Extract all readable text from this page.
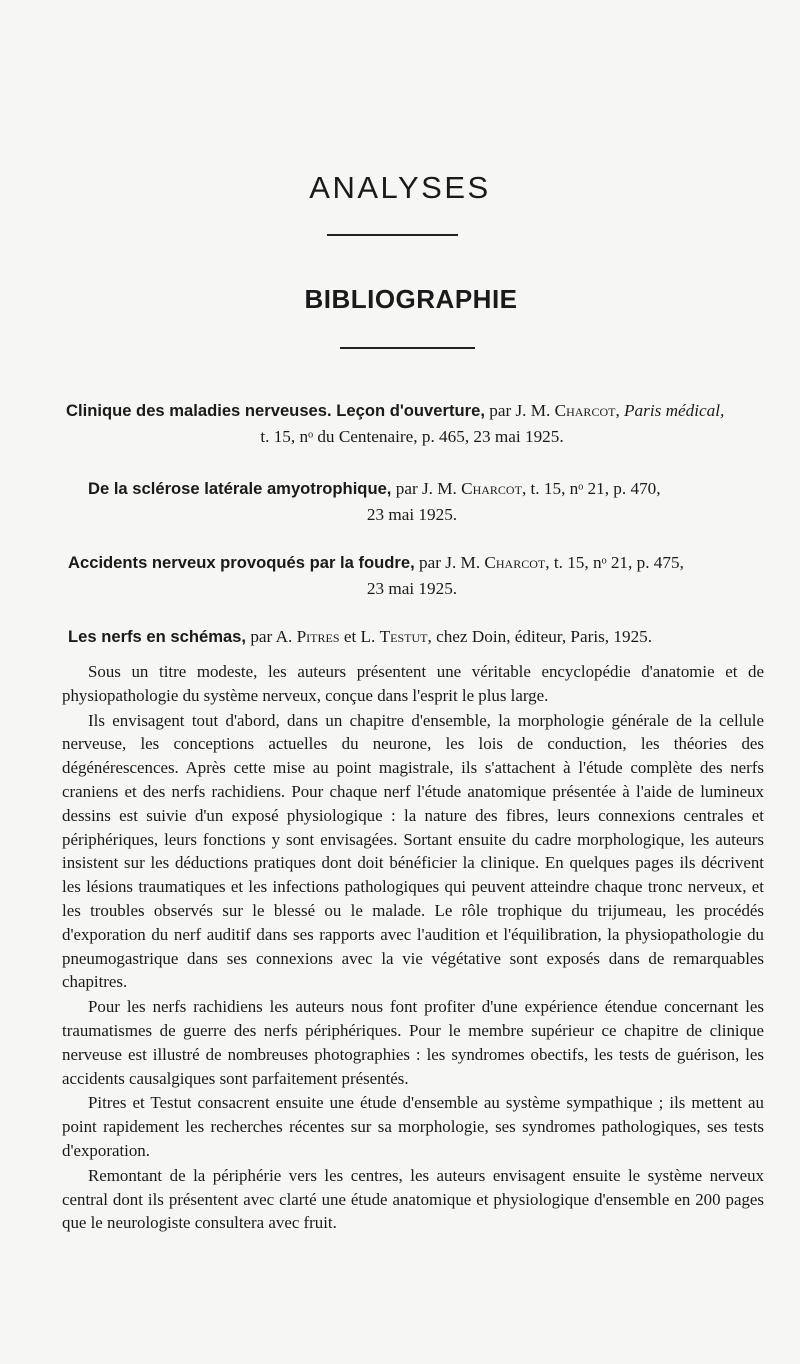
ANALYSES
BIBLIOGRAPHIE
Clinique des maladies nerveuses. Leçon d'ouverture, par J. M. Charcot, Paris médical,
t. 15, nᵒ du Centenaire, p. 465, 23 mai 1925.
De la sclérose latérale amyotrophique, par J. M. Charcot, t. 15, nᵒ 21, p. 470,
23 mai 1925.
Accidents nerveux provoqués par la foudre, par J. M. Charcot, t. 15, nᵒ 21, p. 475,
23 mai 1925.
Les nerfs en schémas, par A. Pitres et L. Testut, chez Doin, éditeur, Paris, 1925.

Sous un titre modeste, les auteurs présentent une véritable encyclopédie d'anatomie et de physiopathologie du système nerveux, conçue dans l'esprit le plus large.

Ils envisagent tout d'abord, dans un chapitre d'ensemble, la morphologie générale de la cellule nerveuse, les conceptions actuelles du neurone, les lois de conduction, les théories des dégénérescences. Après cette mise au point magistrale, ils s'attachent à l'étude complète des nerfs craniens et des nerfs rachidiens. Pour chaque nerf l'étude anatomique présentée à l'aide de lumineux dessins est suivie d'un exposé physiologique : la nature des fibres, leurs connexions centrales et périphériques, leurs fonctions y sont envisagées. Sortant ensuite du cadre morphologique, les auteurs insistent sur les déductions pratiques dont doit bénéficier la clinique. En quelques pages ils décrivent les lésions traumatiques et les infections pathologiques qui peuvent atteindre chaque tronc nerveux, et les troubles observés sur le blessé ou le malade. Le rôle trophique du trijumeau, les procédés d'exporation du nerf auditif dans ses rapports avec l'audition et l'équilibration, la physiopathologie du pneumogastrique dans ses connexions avec la vie végétative sont exposés dans de remarquables chapitres.

Pour les nerfs rachidiens les auteurs nous font profiter d'une expérience étendue concernant les traumatismes de guerre des nerfs périphériques. Pour le membre supérieur ce chapitre de clinique nerveuse est illustré de nombreuses photographies : les syndromes obectifs, les tests de guérison, les accidents causalgiques sont parfaitement présentés.

Pitres et Testut consacrent ensuite une étude d'ensemble au système sympathique ; ils mettent au point rapidement les recherches récentes sur sa morphologie, ses syndromes pathologiques, ses tests d'exporation.

Remontant de la périphérie vers les centres, les auteurs envisagent ensuite le système nerveux central dont ils présentent avec clarté une étude anatomique et physiologique d'ensemble en 200 pages que le neurologiste consultera avec fruit.
